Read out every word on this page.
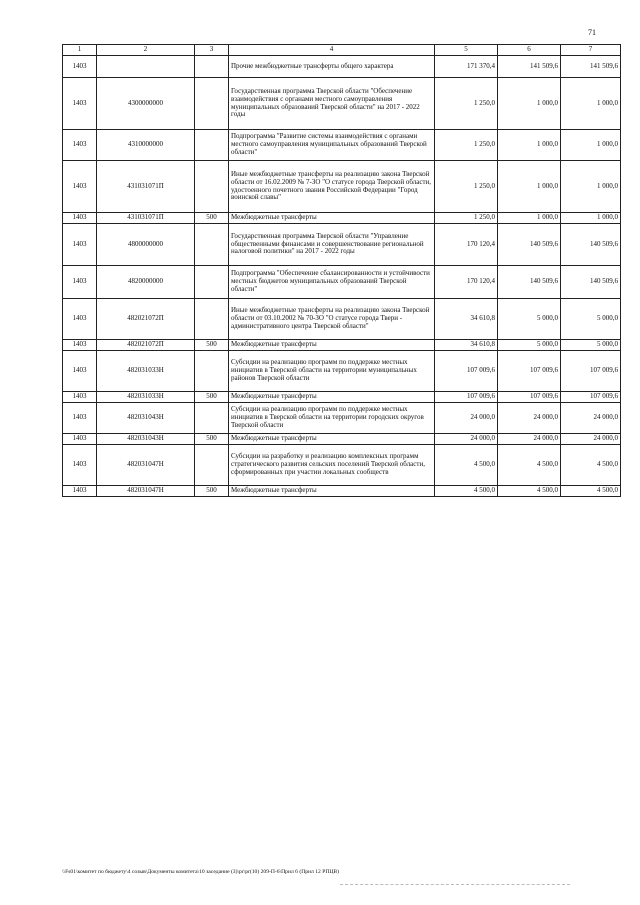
71
1	2	3	4	5	6	7
1403			Прочие межбюджетные трансферты общего характера	171 370,4	141 509,6	141 509,6
1403	4300000000		Государственная программа Тверской области "Обеспечение взаимодействия с органами местного самоуправления муниципальных образований Тверской области" на 2017 - 2022 годы	1 250,0	1 000,0	1 000,0
1403	4310000000		Подпрограмма "Развитие системы взаимодействия с органами местного самоуправления муниципальных образований Тверской области"	1 250,0	1 000,0	1 000,0
1403	431031071П		Иные межбюджетные трансферты на реализацию закона Тверской области от 16.02.2009 № 7-ЗО "О статусе города Тверской области, удостоенного почетного звания Российской Федерации "Город воинской славы"	1 250,0	1 000,0	1 000,0
1403	431031071П	500	Межбюджетные трансферты	1 250,0	1 000,0	1 000,0
1403	4800000000		Государственная программа Тверской области "Управление общественными финансами и совершенствование региональной налоговой политики" на 2017 - 2022 годы	170 120,4	140 509,6	140 509,6
1403	4820000000		Подпрограмма "Обеспечение сбалансированности и устойчивости местных бюджетов муниципальных образований Тверской области"	170 120,4	140 509,6	140 509,6
1403	482021072П		Иные межбюджетные трансферты на реализацию закона Тверской области от 03.10.2002 № 70-ЗО "О статусе города Твери - административного центра Тверской области"	34 610,8	5 000,0	5 000,0
1403	482021072П	500	Межбюджетные трансферты	34 610,8	5 000,0	5 000,0
1403	482031033Н		Субсидии на реализацию программ по поддержке местных инициатив в Тверской области на территории муниципальных районов Тверской области	107 009,6	107 009,6	107 009,6
1403	482031033Н	500	Межбюджетные трансферты	107 009,6	107 009,6	107 009,6
1403	482031043Н		Субсидии на реализацию программ по поддержке местных инициатив в Тверской области на территории городских округов Тверской области	24 000,0	24 000,0	24 000,0
1403	482031043Н	500	Межбюджетные трансферты	24 000,0	24 000,0	24 000,0
1403	482031047Н		Субсидии на разработку и реализацию комплексных программ стратегического развития сельских поселений Тверской области, сформированных при участии локальных сообществ	4 500,0	4 500,0	4 500,0
1403	482031047Н	500	Межбюджетные трансферты	4 500,0	4 500,0	4 500,0
\\Fs01\комитет по бюджету\4 созыв\Документы комитета\10 заседание (3)\pr\pr(10) 209-П-6\Прил 6 (Прил 12 РПЦВ)
